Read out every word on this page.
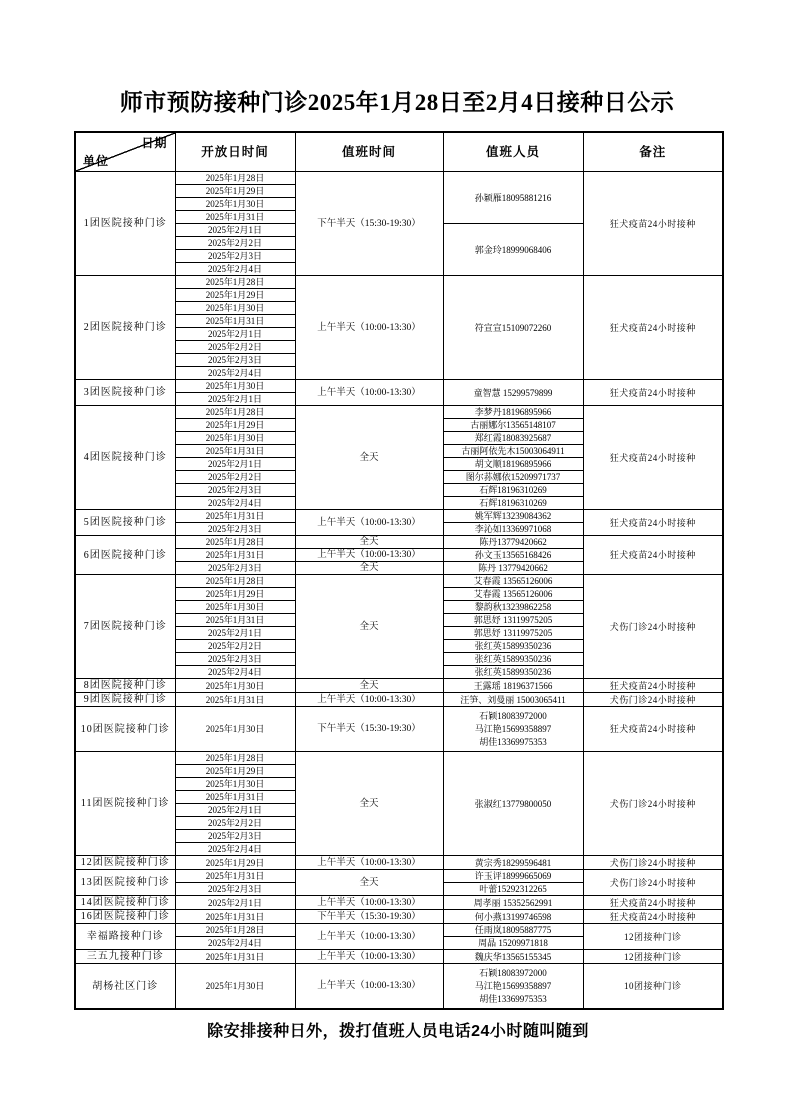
师市预防接种门诊2025年1月28日至2月4日接种日公示
日期
单位	开放日时间	值班时间	值班人员	备注
1团医院接种门诊	2025年1月28日	下午半天（15:30-19:30）	孙颖雁18095881216	狂犬疫苗24小时接种
	2025年1月29日			
	2025年1月30日			
	2025年1月31日			
	2025年2月1日		郭金玲18999068406	
	2025年2月2日			
	2025年2月3日			
	2025年2月4日			
2团医院接种门诊	2025年1月28日	上午半天（10:00-13:30）	符宣宣15109072260	狂犬疫苗24小时接种
	2025年1月29日			
	2025年1月30日			
	2025年1月31日			
	2025年2月1日			
	2025年2月2日			
	2025年2月3日			
	2025年2月4日			
3团医院接种门诊	2025年1月30日	上午半天（10:00-13:30）	童智慧 15299579899	狂犬疫苗24小时接种
	2025年2月1日			
4团医院接种门诊	2025年1月28日	全天	李梦丹18196895966	狂犬疫苗24小时接种
	2025年1月29日		古丽娜尔13565148107	
	2025年1月30日		郑红霞18083925687	
	2025年1月31日		古丽阿依先木15003064911	
	2025年2月1日		胡文顺18196895966	
	2025年2月2日		图尔荪娜依15209971737	
	2025年2月3日		石辉18196310269	
	2025年2月4日		石辉18196310269	
5团医院接种门诊	2025年1月31日	上午半天（10:00-13:30）	姚军辉13239084362	狂犬疫苗24小时接种
	2025年2月3日		李沁如13369971068	
6团医院接种门诊	2025年1月28日	全天	陈丹13779420662	狂犬疫苗24小时接种
	2025年1月31日	上午半天（10:00-13:30）	孙文玉13565168426	
	2025年2月3日	全天	陈丹 13779420662	
7团医院接种门诊	2025年1月28日	全天	艾春霞 13565126006	犬伤门诊24小时接种
	2025年1月29日		艾春霞 13565126006	
	2025年1月30日		黎韵秋13239862258	
	2025年1月31日		郭思妤 13119975205	
	2025年2月1日		郭思妤 13119975205	
	2025年2月2日		张红英15899350236	
	2025年2月3日		张红英15899350236	
	2025年2月4日		张红英15899350236	
8团医院接种门诊	2025年1月30日	全天	王露瑶 18196371566	狂犬疫苗24小时接种
9团医院接种门诊	2025年1月31日	上午半天（10:00-13:30）	汪笋、刘曼丽 15003065411	犬伤门诊24小时接种
10团医院接种门诊	2025年1月30日	下午半天（15:30-19:30）	石颖18083972000
马江艳15699358897
胡佳13369975353	狂犬疫苗24小时接种
11团医院接种门诊	2025年1月28日	全天	张淑红13779800050	犬伤门诊24小时接种
	2025年1月29日			
	2025年1月30日			
	2025年1月31日			
	2025年2月1日			
	2025年2月2日			
	2025年2月3日			
	2025年2月4日			
12团医院接种门诊	2025年1月29日	上午半天（10:00-13:30）	黄宗秀18299596481	犬伤门诊24小时接种
13团医院接种门诊	2025年1月31日	全天	许玉评18999665069	犬伤门诊24小时接种
	2025年2月3日		叶蕾15292312265	
14团医院接种门诊	2025年2月1日	上午半天（10:00-13:30）	周孝丽 15352562991	狂犬疫苗24小时接种
16团医院接种门诊	2025年1月31日	下午半天（15:30-19:30）	何小燕13199746598	狂犬疫苗24小时接种
幸福路接种门诊	2025年1月28日	上午半天（10:00-13:30）	任雨岚18095887775	12团接种门诊
	2025年2月4日		周晶 15209971818	
三五九接种门诊	2025年1月31日	上午半天（10:00-13:30）	魏庆华13565155345	12团接种门诊
胡杨社区门诊	2025年1月30日	上午半天（10:00-13:30）	石颖18083972000
马江艳15699358897
胡佳13369975353	10团接种门诊
除安排接种日外，拨打值班人员电话24小时随叫随到
